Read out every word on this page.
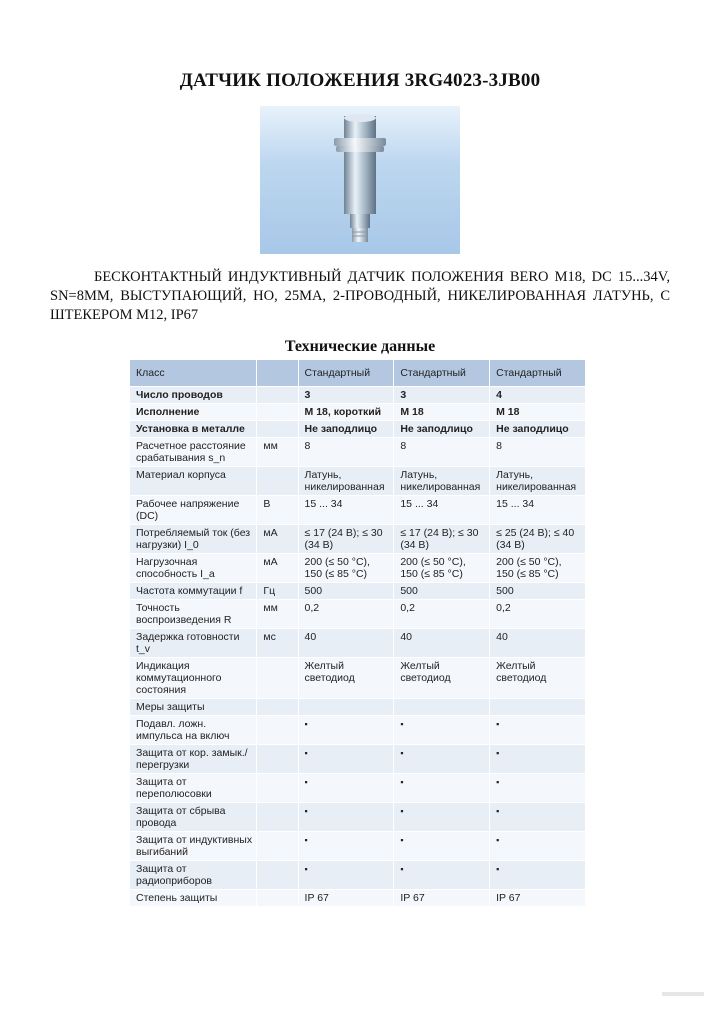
ДАТЧИК ПОЛОЖЕНИЯ 3RG4023-3JB00
БЕСКОНТАКТНЫЙ ИНДУКТИВНЫЙ ДАТЧИК ПОЛОЖЕНИЯ BERO M18, DC 15...34V, SN=8MM, ВЫСТУПАЮЩИЙ, НО, 25MA, 2-ПРОВОДНЫЙ, НИКЕЛИРОВАННАЯ ЛАТУНЬ, С ШТЕКЕРОМ M12, IP67
Технические данные
Класс		Стандартный	Стандартный	Стандартный
Число проводов		3	3	4
Исполнение		M 18, короткий	M 18	M 18
Установка в металле		Не заподлицо	Не заподлицо	Не заподлицо
Расчетное расстояние срабатывания s_n	мм	8	8	8
Материал корпуса		Латунь, никелированная	Латунь, никелированная	Латунь, никелированная
Рабочее напряжение (DC)	В	15 ... 34	15 ... 34	15 ... 34
Потребляемый ток (без нагрузки) I_0	мА	≤ 17 (24 В); ≤ 30 (34 В)	≤ 17 (24 В); ≤ 30 (34 В)	≤ 25 (24 В); ≤ 40 (34 В)
Нагрузочная способность I_a	мА	200 (≤ 50 °C), 150 (≤ 85 °C)	200 (≤ 50 °C), 150 (≤ 85 °C)	200 (≤ 50 °C), 150 (≤ 85 °C)
Частота коммутации f	Гц	500	500	500
Точность воспроизведения R	мм	0,2	0,2	0,2
Задержка готовности t_v	мс	40	40	40
Индикация коммутационного состояния		Желтый светодиод	Желтый светодиод	Желтый светодиод
Меры защиты				
Подавл. ложн. импульса на включ		▪	▪	▪
Защита от кор. замык./ перегрузки		▪	▪	▪
Защита от переполюсовки		▪	▪	▪
Защита от сбрыва провода		▪	▪	▪
Защита от индуктивных выгибаний		▪	▪	▪
Защита от радиоприборов		▪	▪	▪
Степень защиты		IP 67	IP 67	IP 67
